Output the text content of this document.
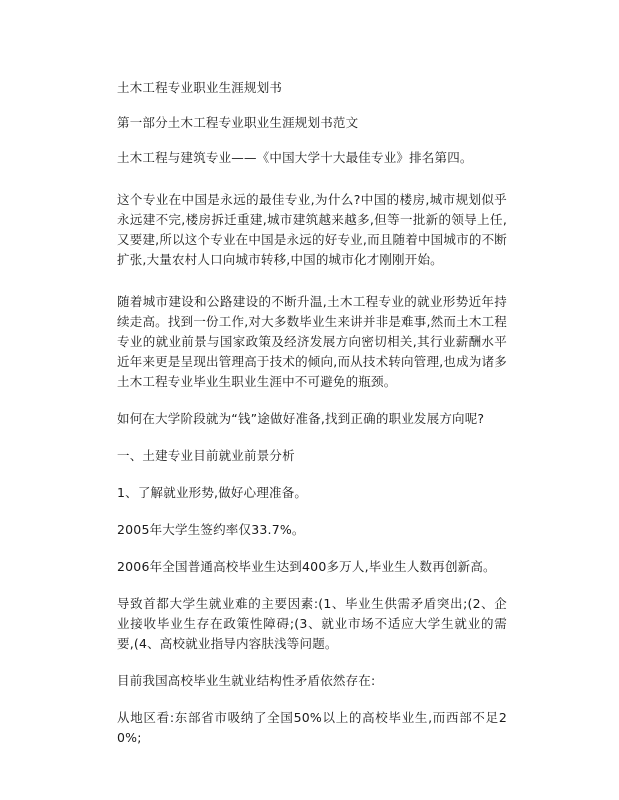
土木工程专业职业生涯规划书

第一部分土木工程专业职业生涯规划书范文

土木工程与建筑专业——《中国大学十大最佳专业》排名第四。

这个专业在中国是永远的最佳专业,为什么?中国的楼房,城市规划似乎永远建不完,楼房拆迁重建,城市建筑越来越多,但等一批新的领导上任,又要建,所以这个专业在中国是永远的好专业,而且随着中国城市的不断扩张,大量农村人口向城市转移,中国的城市化才刚刚开始。

随着城市建设和公路建设的不断升温,土木工程专业的就业形势近年持续走高。找到一份工作,对大多数毕业生来讲并非是难事,然而土木工程专业的就业前景与国家政策及经济发展方向密切相关,其行业薪酬水平近年来更是呈现出管理高于技术的倾向,而从技术转向管理,也成为诸多土木工程专业毕业生职业生涯中不可避免的瓶颈。

如何在大学阶段就为“钱”途做好准备,找到正确的职业发展方向呢?

一、土建专业目前就业前景分析

1、了解就业形势,做好心理准备。

2005年大学生签约率仅33.7%。

2006年全国普通高校毕业生达到400多万人,毕业生人数再创新高。

导致首都大学生就业难的主要因素:(1、毕业生供需矛盾突出;(2、企业接收毕业生存在政策性障碍;(3、就业市场不适应大学生就业的需要,(4、高校就业指导内容肤浅等问题。

目前我国高校毕业生就业结构性矛盾依然存在:

从地区看:东部省市吸纳了全国50%以上的高校毕业生,而西部不足20%;
